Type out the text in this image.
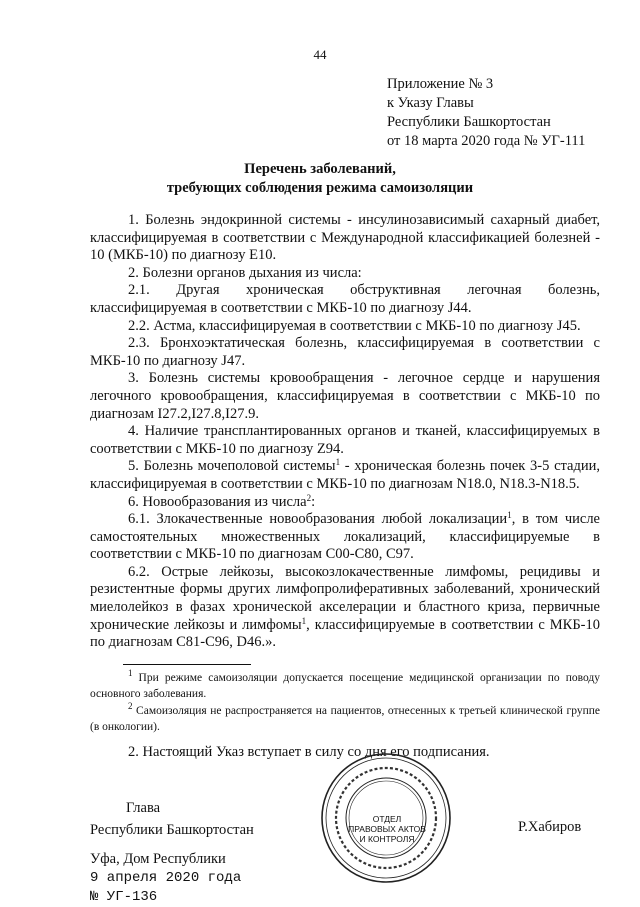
44
Приложение № 3
к Указу Главы
Республики Башкортостан
от 18 марта 2020 года № УГ-111
Перечень заболеваний,
требующих соблюдения режима самоизоляции

1. Болезнь эндокринной системы - инсулинозависимый сахарный диабет, классифицируемая в соответствии с Международной классификацией болезней - 10 (МКБ-10) по диагнозу Е10.

2. Болезни органов дыхания из числа:

2.1. Другая хроническая обструктивная легочная болезнь, классифицируемая в соответствии с МКБ-10 по диагнозу J44.

2.2. Астма, классифицируемая в соответствии с МКБ-10 по диагнозу J45.

2.3. Бронхоэктатическая болезнь, классифицируемая в соответствии с МКБ-10 по диагнозу J47.

3. Болезнь системы кровообращения - легочное сердце и нарушения легочного кровообращения, классифицируемая в соответствии с МКБ-10 по диагнозам I27.2,I27.8,I27.9.

4. Наличие трансплантированных органов и тканей, классифицируемых в соответствии с МКБ-10 по диагнозу Z94.

5. Болезнь мочеполовой системы$^1$ - хроническая болезнь почек 3-5 стадии, классифицируемая в соответствии с МКБ-10 по диагнозам N18.0, N18.3-N18.5.

6. Новообразования из числа$^2$:

6.1. Злокачественные новообразования любой локализации$^1$, в том числе самостоятельных множественных локализаций, классифицируемые в соответствии с МКБ-10 по диагнозам C00-C80, C97.

6.2. Острые лейкозы, высокозлокачественные лимфомы, рецидивы и резистентные формы других лимфопролиферативных заболеваний, хронический миелолейкоз в фазах хронической акселерации и бластного криза, первичные хронические лейкозы и лимфомы$^1$, классифицируемые в соответствии с МКБ-10 по диагнозам C81-C96, D46.».

$^1$ При режиме самоизоляции допускается посещение медицинской организации по поводу основного заболевания.

$^2$ Самоизоляция не распространяется на пациентов, отнесенных к третьей клинической группе (в онкологии).

2. Настоящий Указ вступает в силу со дня его подписания.
Глава
Республики Башкортостан	Р.Хабиров
ОТДЕЛ
ПРАВОВЫХ АКТОВ
И КОНТРОЛЯ
Уфа, Дом Республики
9 апреля 2020 года
№ УГ-136
